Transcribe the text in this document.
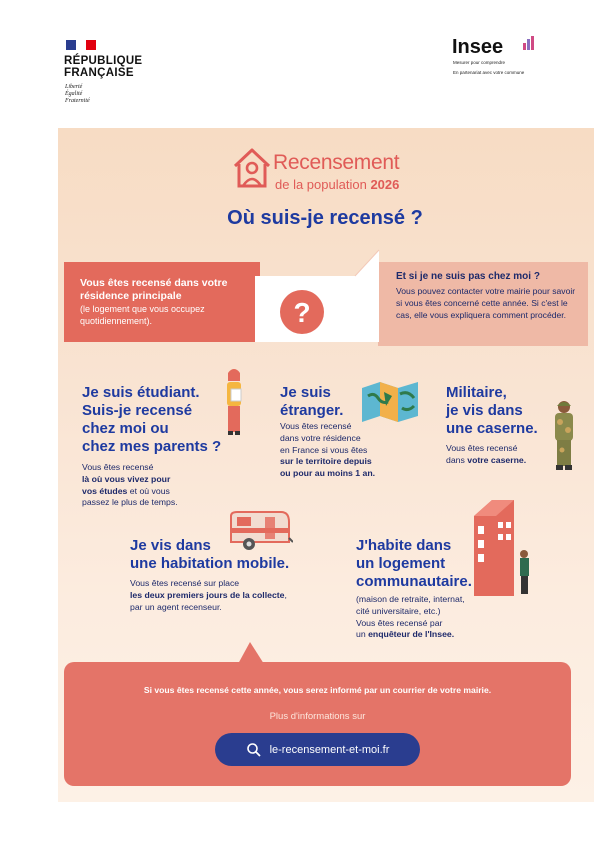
RÉPUBLIQUE
FRANÇAISE
Liberté
Égalité
Fraternité
Insee
Mesurer pour comprendre
En partenariat avec votre commune
Recensement
de la population 2026
Où suis-je recensé ?
?
Vous êtes recensé dans votre résidence principale
(le logement que vous occupez quotidiennement).
Et si je ne suis pas chez moi ?
Vous pouvez contacter votre mairie pour savoir si vous êtes concerné cette année. Si c'est le cas, elle vous expliquera comment procéder.
Je suis étudiant.
Suis-je recensé
chez moi ou
chez mes parents ?
Vous êtes recensé
là où vous vivez pour
vos études et où vous
passez le plus de temps.
Je suis
étranger.
Vous êtes recensé
dans votre résidence
en France si vous êtes
sur le territoire depuis
ou pour au moins 1 an.
Militaire,
je vis dans
une caserne.
Vous êtes recensé
dans votre caserne.
Je vis dans
une habitation mobile.
Vous êtes recensé sur place
les deux premiers jours de la collecte,
par un agent recenseur.
J'habite dans
un logement
communautaire.
(maison de retraite, internat,
cité universitaire, etc.)
Vous êtes recensé par
un enquêteur de l'Insee.
Si vous êtes recensé cette année, vous serez informé par un courrier de votre mairie.
Plus d'informations sur
le-recensement-et-moi.fr
